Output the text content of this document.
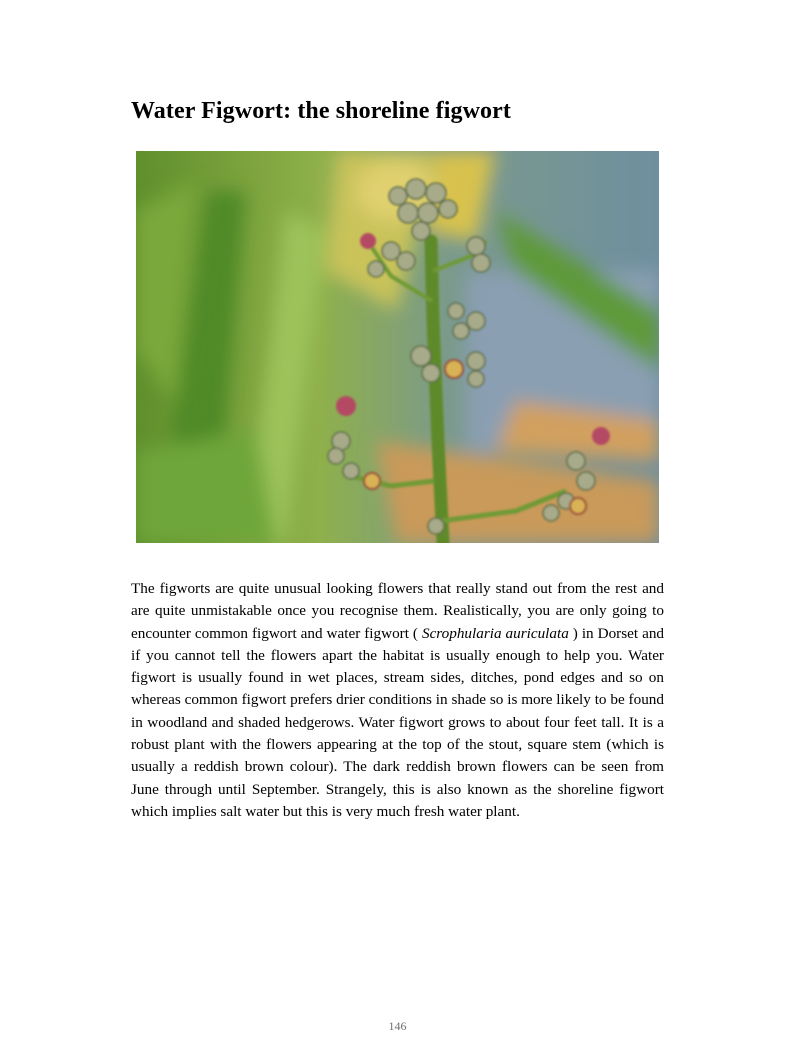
Water Figwort: the shoreline figwort

The figworts are quite unusual looking flowers that really stand out from the rest and are quite unmistakable once you recognise them. Realistically, you are only going to encounter common figwort and water figwort ( Scrophularia auriculata ) in Dorset and if you cannot tell the flowers apart the habitat is usually enough to help you. Water figwort is usually found in wet places, stream sides, ditches, pond edges and so on whereas common figwort prefers drier conditions in shade so is more likely to be found in woodland and shaded hedgerows. Water figwort grows to about four feet tall. It is a robust plant with the flowers appearing at the top of the stout, square stem (which is usually a reddish brown colour). The dark reddish brown flowers can be seen from June through until September. Strangely, this is also known as the shoreline figwort which implies salt water but this is very much fresh water plant.

146
